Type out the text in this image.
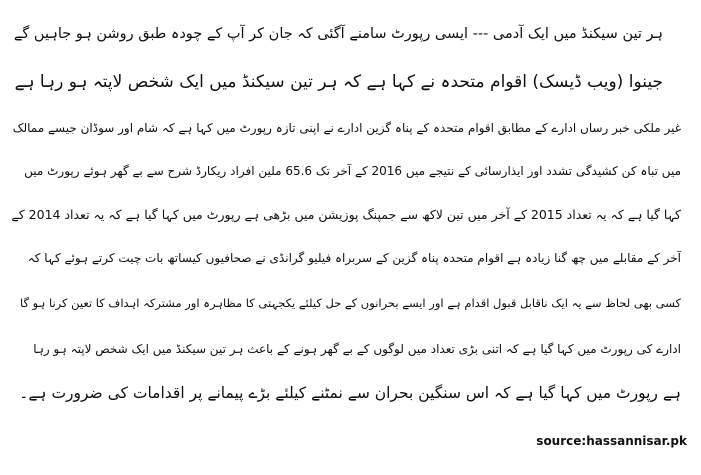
ہر تین سیکنڈ میں ایک آدمی --- ایسی رپورٹ سامنے آگئی کہ جان کر آپ کے چودہ طبق روشن ہو جاہیں گے
جینوا (ویب ڈیسک) اقوام متحدہ نے کہا ہے کہ ہر تین سیکنڈ میں ایک شخص لاپتہ ہو رہا ہے
غیر ملکی خبر رساں ادارے کے مطابق اقوام متحدہ کے پناہ گزین ادارے نے اپنی تازہ رپورٹ میں کہا ہے کہ شام اور سوڈان جیسے ممالک
میں تباہ کن کشیدگی تشدد اور ایذارسائی کے نتیجے میں 2016 کے آخر تک 65.6 ملین افراد ریکارڈ شرح سے بے گھر ہوئے رپورٹ میں
کہا گیا ہے کہ یہ تعداد 2015 کے آخر میں تین لاکھ سے جمپنگ پوزیشن میں بڑھی ہے رپورٹ میں کہا گیا ہے کہ یہ تعداد 2014 کے
آخر کے مقابلے میں چھ گنا زیادہ ہے اقوام متحدہ پناہ گزین کے سربراہ فیلیو گرانڈی نے صحافیوں کیساتھ بات چیت کرتے ہوئے کہا کہ
کسی بھی لحاظ سے یہ ایک ناقابل قبول اقدام ہے اور ایسے بحرانوں کے حل کیلئے یکجہتی کا مظاہرہ اور مشترکہ اہداف کا تعین کرنا ہو گا
ادارے کی رپورٹ میں کہا گیا ہے کہ اتنی بڑی تعداد میں لوگوں کے بے گھر ہونے کے باعث ہر تین سیکنڈ میں ایک شخص لاپتہ ہو رہا
ہے رپورٹ میں کہا گیا ہے کہ اس سنگین بحران سے نمٹنے کیلئے بڑے پیمانے پر اقدامات کی ضرورت ہے۔
source:hassannisar.pk
